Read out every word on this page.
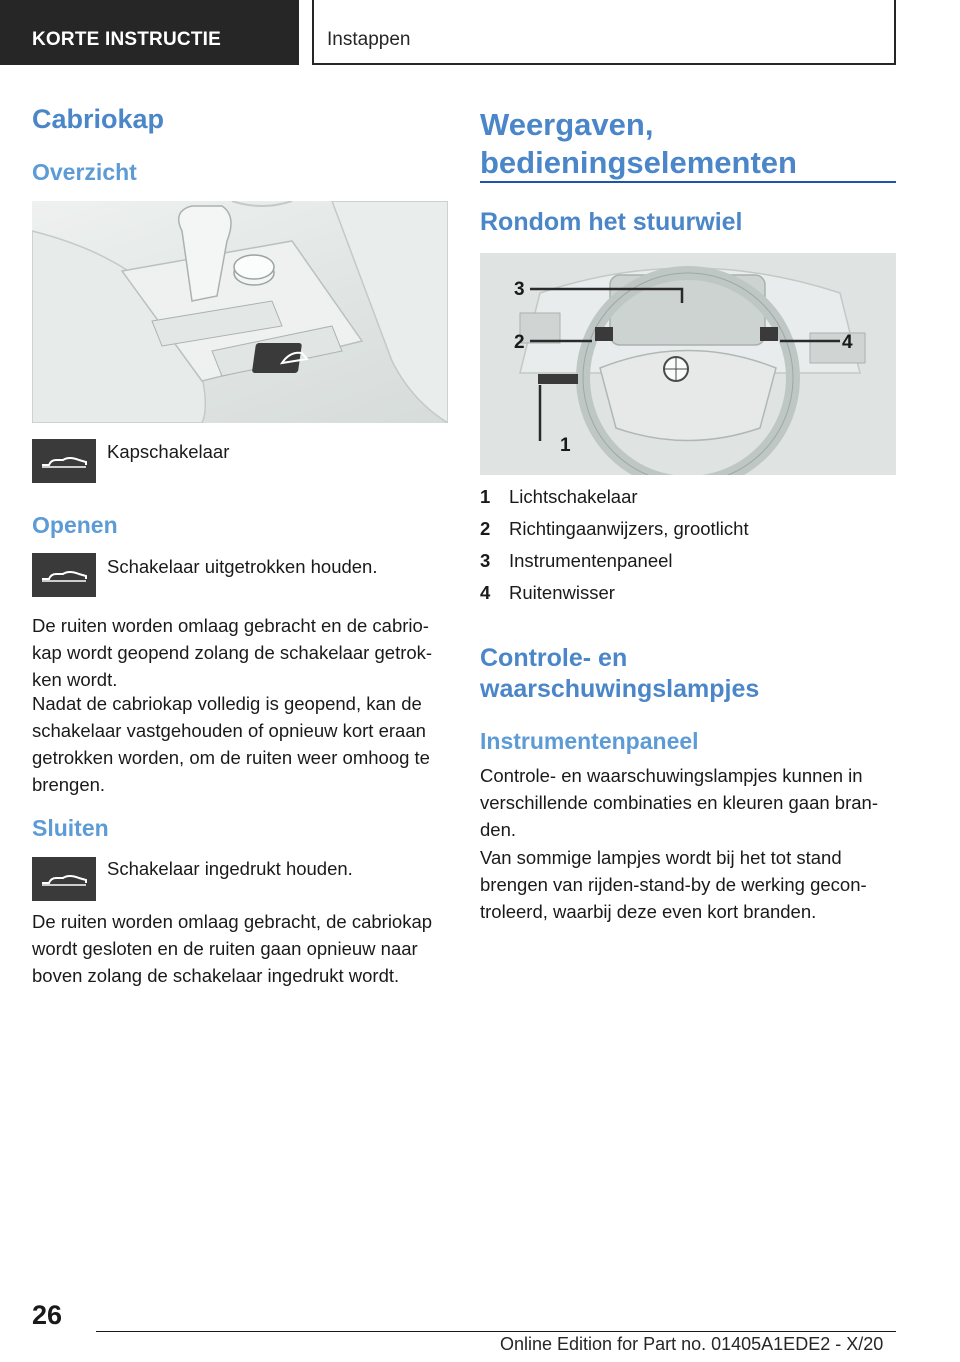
KORTE INSTRUCTIE	Instappen
Cabriokap
Overzicht
Kapschakelaar
Openen
Schakelaar uitgetrokken houden.
De ruiten worden omlaag gebracht en de cabrio‐
kap wordt geopend zolang de schakelaar getrok‐
ken wordt.
Nadat de cabriokap volledig is geopend, kan de
schakelaar vastgehouden of opnieuw kort eraan
getrokken worden, om de ruiten weer omhoog te
brengen.
Sluiten
Schakelaar ingedrukt houden.
De ruiten worden omlaag gebracht, de cabriokap
wordt gesloten en de ruiten gaan opnieuw naar
boven zolang de schakelaar ingedrukt wordt.
Weergaven,
bedieningselementen
Rondom het stuurwiel
3
2	4
1
1 Lichtschakelaar
2 Richtingaanwijzers, grootlicht
3 Instrumentenpaneel
4 Ruitenwisser
Controle- en
waarschuwingslampjes
Instrumentenpaneel
Controle- en waarschuwingslampjes kunnen in
verschillende combinaties en kleuren gaan bran‐
den.
Van sommige lampjes wordt bij het tot stand
brengen van rijden-stand-by de werking gecon‐
troleerd, waarbij deze even kort branden.
26
Online Edition for Part no. 01405A1EDE2 - X/20
